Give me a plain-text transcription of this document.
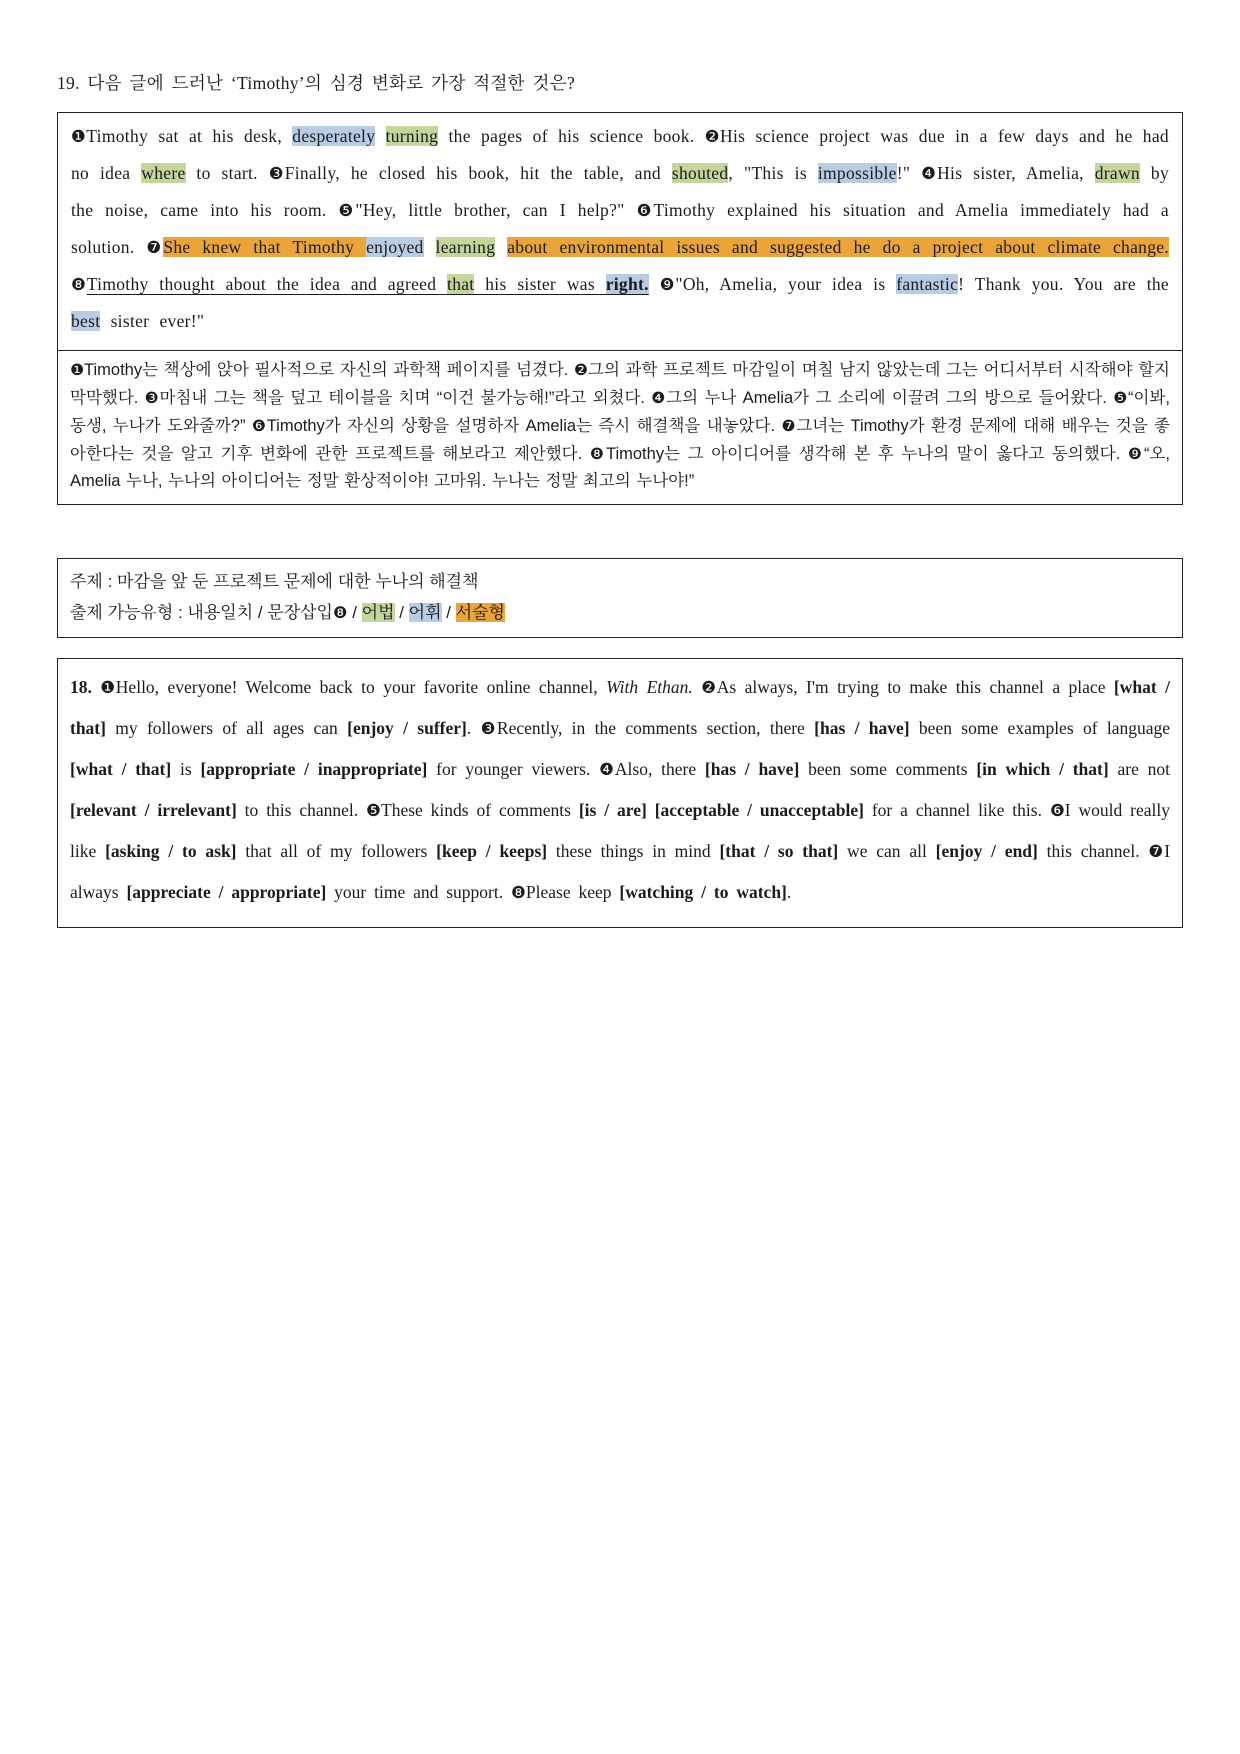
19. 다음 글에 드러난 ‘Timothy’의 심경 변화로 가장 적절한 것은?

❶Timothy sat at his desk, desperately turning the pages of his science book. ❷His science project was due in a few days and he had no idea where to start. ❸Finally, he closed his book, hit the table, and shouted, "This is impossible!" ❹His sister, Amelia, drawn by the noise, came into his room. ❺"Hey, little brother, can I help?" ❻Timothy explained his situation and Amelia immediately had a solution. ❼She knew that Timothy enjoyed learning about environmental issues and suggested he do a project about climate change. ❽Timothy thought about the idea and agreed that his sister was right. ❾"Oh, Amelia, your idea is fantastic! Thank you. You are the best sister ever!"

❶Timothy는 책상에 앉아 필사적으로 자신의 과학책 페이지를 넘겼다. ❷그의 과학 프로젝트 마감일이 며칠 남지 않았는데 그는 어디서부터 시작해야 할지 막막했다. ❸마침내 그는 책을 덮고 테이블을 치며 “이건 불가능해!”라고 외쳤다. ❹그의 누나 Amelia가 그 소리에 이끌려 그의 방으로 들어왔다. ❺“이봐, 동생, 누나가 도와줄까?” ❻Timothy가 자신의 상황을 설명하자 Amelia는 즉시 해결책을 내놓았다. ❼그녀는 Timothy가 환경 문제에 대해 배우는 것을 좋아한다는 것을 알고 기후 변화에 관한 프로젝트를 해보라고 제안했다. ❽Timothy는 그 아이디어를 생각해 본 후 누나의 말이 옳다고 동의했다. ❾“오, Amelia 누나, 누나의 아이디어는 정말 환상적이야! 고마워. 누나는 정말 최고의 누나야!”

주제 : 마감을 앞 둔 프로젝트 문제에 대한 누나의 해결책
출제 가능유형 : 내용일치 / 문장삽입❽ / 어법 / 어휘 / 서술형

18. ❶Hello, everyone! Welcome back to your favorite online channel, With Ethan. ❷As always, I'm trying to make this channel a place [what / that] my followers of all ages can [enjoy / suffer]. ❸Recently, in the comments section, there [has / have] been some examples of language [what / that] is [appropriate / inappropriate] for younger viewers. ❹Also, there [has / have] been some comments [in which / that] are not [relevant / irrelevant] to this channel. ❺These kinds of comments [is / are] [acceptable / unacceptable] for a channel like this. ❻I would really like [asking / to ask] that all of my followers [keep / keeps] these things in mind [that / so that] we can all [enjoy / end] this channel. ❼I always [appreciate / appropriate] your time and support. ❽Please keep [watching / to watch].
